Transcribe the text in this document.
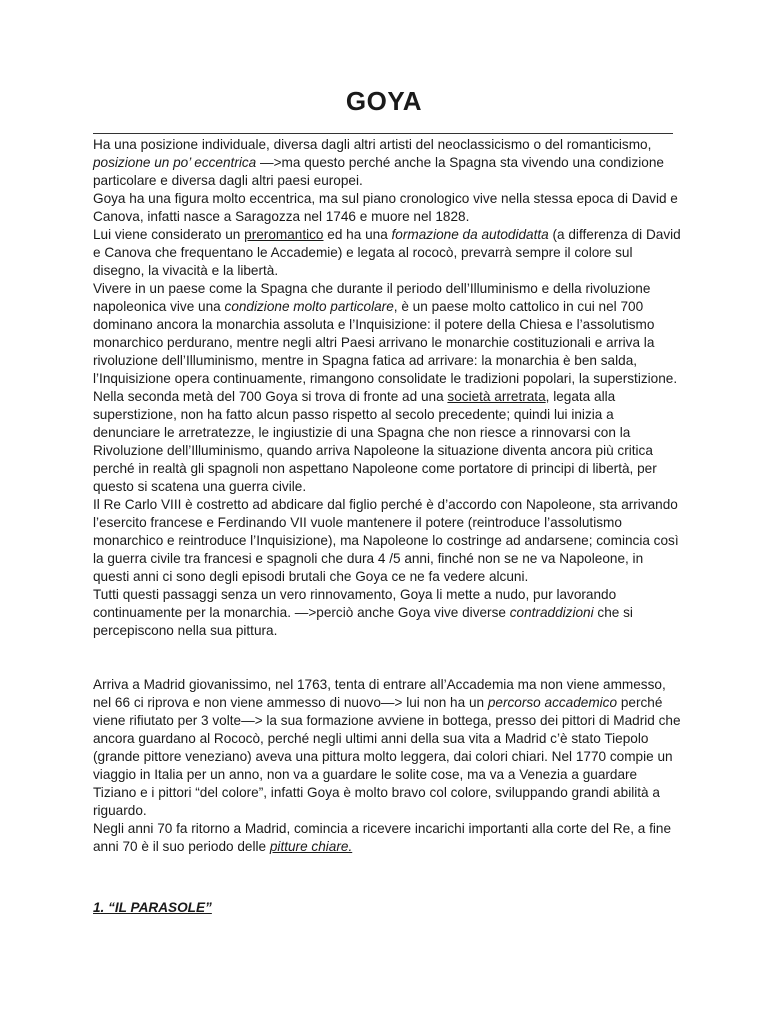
GOYA

Ha una posizione individuale, diversa dagli altri artisti del neoclassicismo o del romanticismo, posizione un po’ eccentrica —>ma questo perché anche la Spagna sta vivendo una condizione particolare e diversa dagli altri paesi europei.

Goya ha una figura molto eccentrica, ma sul piano cronologico vive nella stessa epoca di David e Canova, infatti nasce a Saragozza nel 1746 e muore nel 1828.

Lui viene considerato un preromantico ed ha una formazione da autodidatta (a differenza di David e Canova che frequentano le Accademie) e legata al rococò, prevarrà sempre il colore sul disegno, la vivacità e la libertà.

Vivere in un paese come la Spagna che durante il periodo dell’Illuminismo e della rivoluzione napoleonica vive una condizione molto particolare, è un paese molto cattolico in cui nel 700 dominano ancora la monarchia assoluta e l’Inquisizione: il potere della Chiesa e l’assolutismo monarchico perdurano, mentre negli altri Paesi arrivano le monarchie costituzionali e arriva la rivoluzione dell’Illuminismo, mentre in Spagna fatica ad arrivare: la monarchia è ben salda, l’Inquisizione opera continuamente, rimangono consolidate le tradizioni popolari, la superstizione.

Nella seconda metà del 700 Goya si trova di fronte ad una società arretrata, legata alla superstizione, non ha fatto alcun passo rispetto al secolo precedente; quindi lui inizia a denunciare le arretratezze, le ingiustizie di una Spagna che non riesce a rinnovarsi con la Rivoluzione dell’Illuminismo, quando arriva Napoleone la situazione diventa ancora più critica perché in realtà gli spagnoli non aspettano Napoleone come portatore di principi di libertà, per questo si scatena una guerra civile.

Il Re Carlo VIII è costretto ad abdicare dal figlio perché è d’accordo con Napoleone, sta arrivando l’esercito francese e Ferdinando VII vuole mantenere il potere (reintroduce l’assolutismo monarchico e reintroduce l’Inquisizione), ma Napoleone lo costringe ad andarsene; comincia così la guerra civile tra francesi e spagnoli che dura 4 /5 anni, finché non se ne va Napoleone, in questi anni ci sono degli episodi brutali che Goya ce ne fa vedere alcuni.

Tutti questi passaggi senza un vero rinnovamento, Goya li mette a nudo, pur lavorando continuamente per la monarchia. —>perciò anche Goya vive diverse contraddizioni che si percepiscono nella sua pittura.

Arriva a Madrid giovanissimo, nel 1763, tenta di entrare all’Accademia ma non viene ammesso, nel 66 ci riprova e non viene ammesso di nuovo—> lui non ha un percorso accademico perché viene rifiutato per 3 volte—> la sua formazione avviene in bottega, presso dei pittori di Madrid che ancora guardano al Rococò, perché negli ultimi anni della sua vita a Madrid c’è stato Tiepolo (grande pittore veneziano) aveva una pittura molto leggera, dai colori chiari. Nel 1770 compie un viaggio in Italia per un anno, non va a guardare le solite cose, ma va a Venezia a guardare Tiziano e i pittori “del colore”, infatti Goya è molto bravo col colore, sviluppando grandi abilità a riguardo.

Negli anni 70 fa ritorno a Madrid, comincia a ricevere incarichi importanti alla corte del Re, a fine anni 70 è il suo periodo delle pitture chiare.

1. “IL PARASOLE”
